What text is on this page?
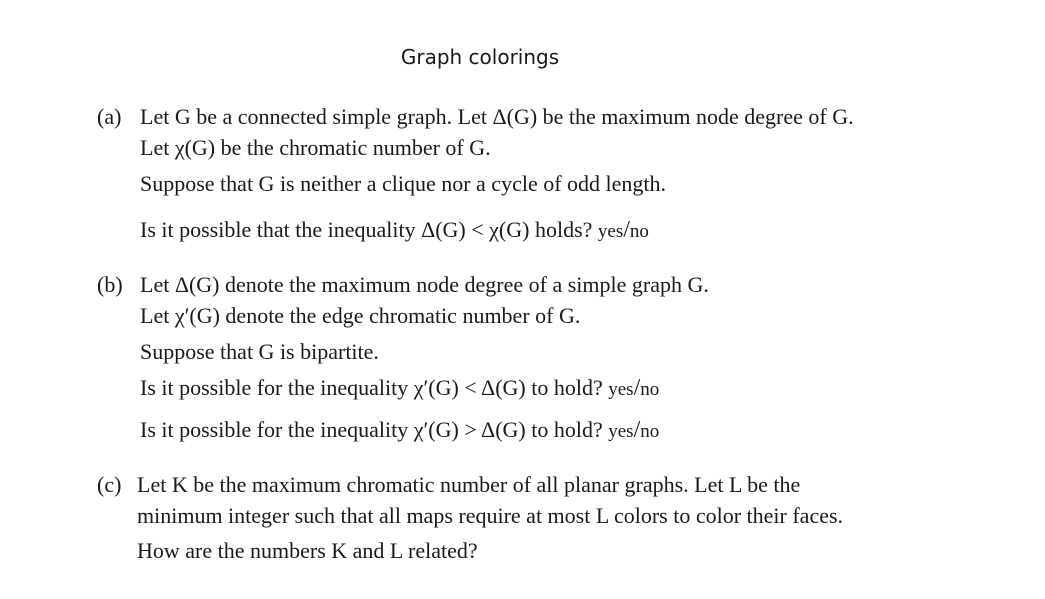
Graph colorings
(a) Let G be a connected simple graph. Let Δ(G) be the maximum node degree of G.
Let χ(G) be the chromatic number of G.
Suppose that G is neither a clique nor a cycle of odd length.
Is it possible that the inequality Δ(G) < χ(G) holds? yes/no
(b) Let Δ(G) denote the maximum node degree of a simple graph G.
Let χ′(G) denote the edge chromatic number of G.
Suppose that G is bipartite.
Is it possible for the inequality χ′(G) < Δ(G) to hold? yes/no
Is it possible for the inequality χ′(G) > Δ(G) to hold? yes/no
(c) Let K be the maximum chromatic number of all planar graphs. Let L be the
minimum integer such that all maps require at most L colors to color their faces.
How are the numbers K and L related?
